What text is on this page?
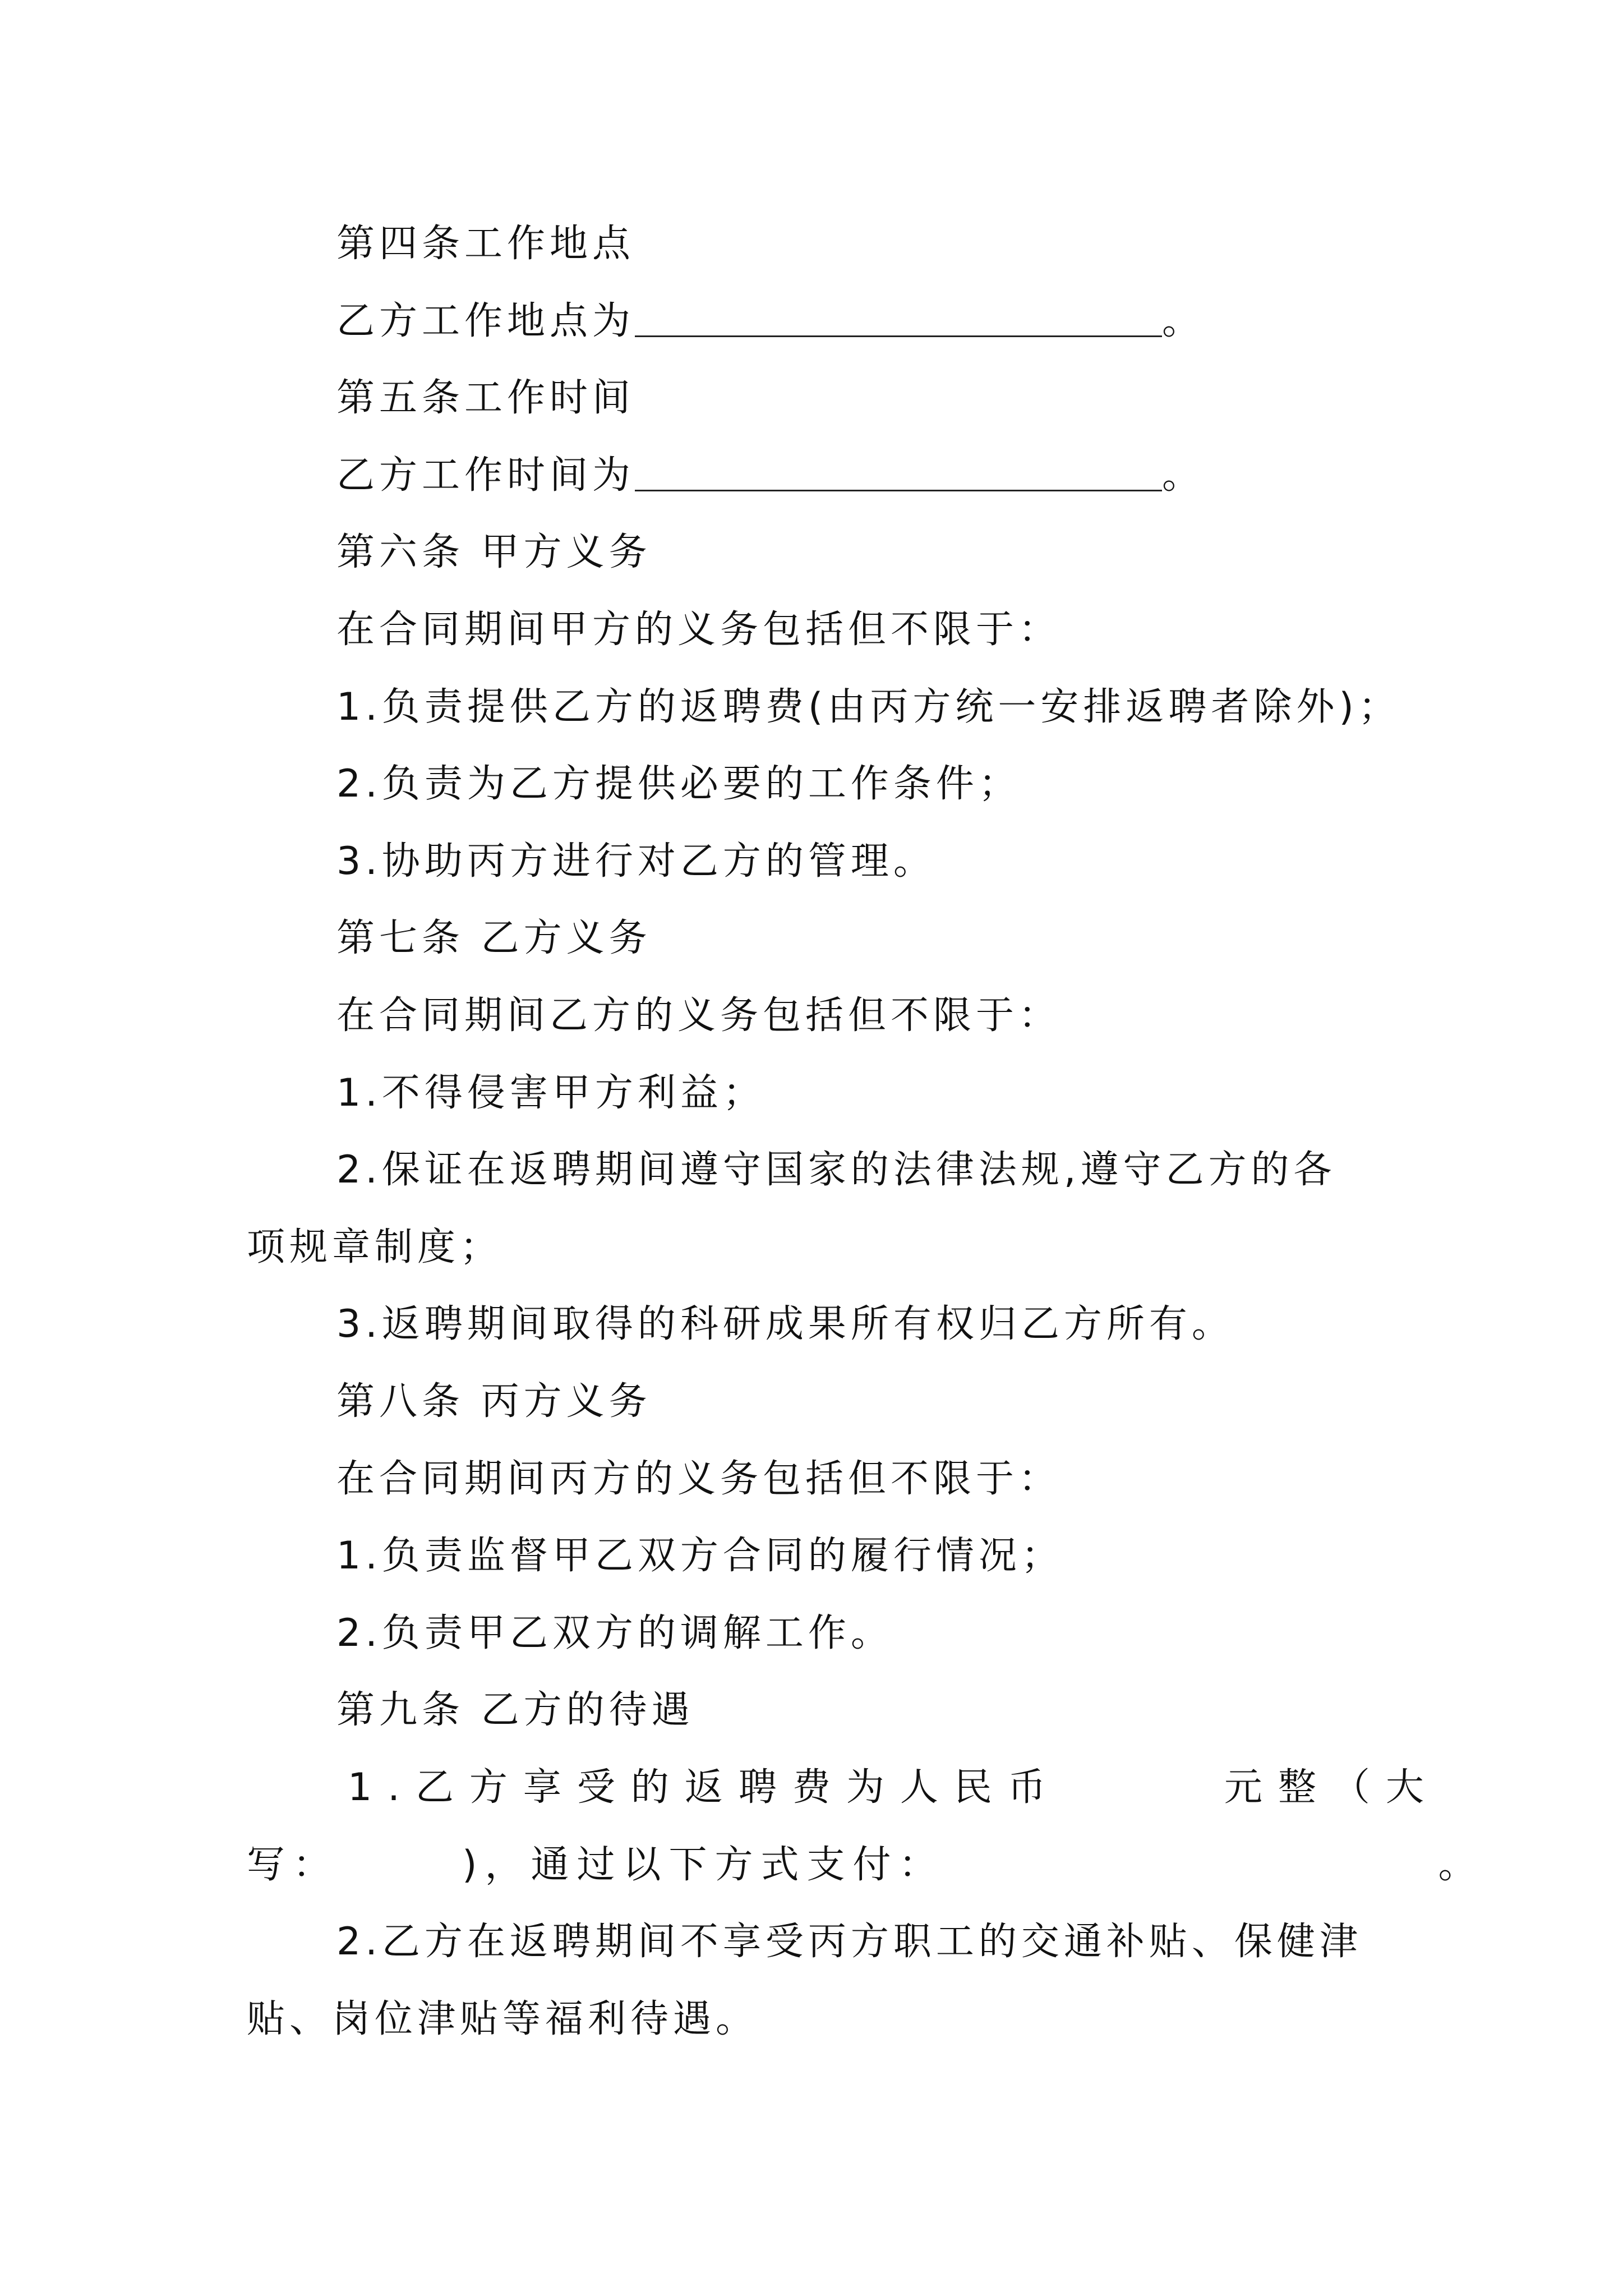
第四条工作地点
乙方工作地点为	。
第五条工作时间
乙方工作时间为	。
第六条 甲方义务
在合同期间甲方的义务包括但不限于：
1.负责提供乙方的返聘费(由丙方统一安排返聘者除外)；
2.负责为乙方提供必要的工作条件；
3.协助丙方进行对乙方的管理。
第七条 乙方义务
在合同期间乙方的义务包括但不限于：
1.不得侵害甲方利益；
2.保证在返聘期间遵守国家的法律法规,遵守乙方的各
项规章制度；
3.返聘期间取得的科研成果所有权归乙方所有。
第八条 丙方义务
在合同期间丙方的义务包括但不限于：
1.负责监督甲乙双方合同的履行情况；
2.负责甲乙双方的调解工作。
第九条 乙方的待遇
1.乙方享受的返聘费为人民币	元整（大
写：	)，通过以下方式支付：	。
2.乙方在返聘期间不享受丙方职工的交通补贴、保健津
贴、岗位津贴等福利待遇。
